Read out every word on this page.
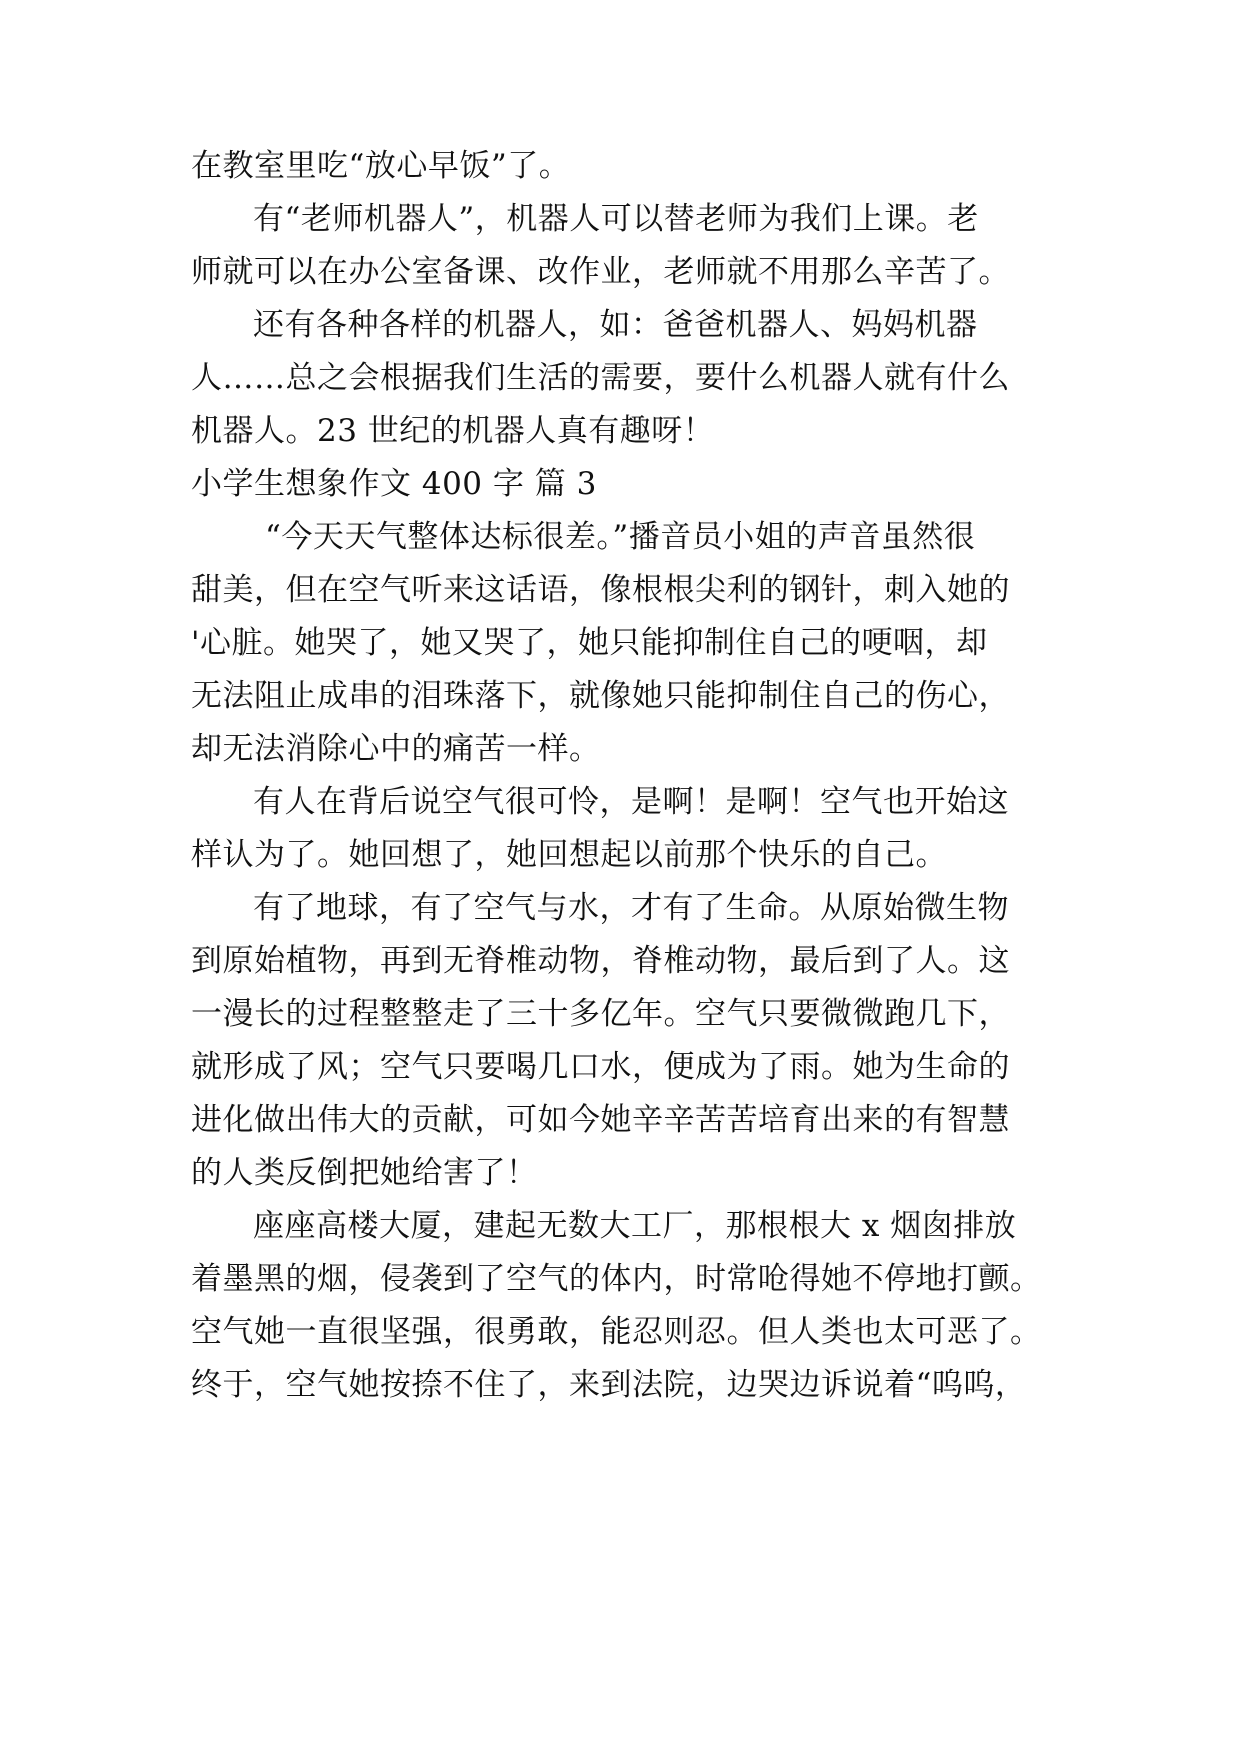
在教室里吃“放心早饭”了。
有“老师机器人”，机器人可以替老师为我们上课。老
师就可以在办公室备课、改作业，老师就不用那么辛苦了。
还有各种各样的机器人，如：爸爸机器人、妈妈机器
人……总之会根据我们生活的需要，要什么机器人就有什么
机器人。23 世纪的机器人真有趣呀！
小学生想象作文 400 字 篇 3
“今天天气整体达标很差。”播音员小姐的声音虽然很
甜美，但在空气听来这话语，像根根尖利的钢针，刺入她的
'心脏。她哭了，她又哭了，她只能抑制住自己的哽咽，却
无法阻止成串的泪珠落下，就像她只能抑制住自己的伤心，
却无法消除心中的痛苦一样。
有人在背后说空气很可怜，是啊！是啊！空气也开始这
样认为了。她回想了，她回想起以前那个快乐的自己。
有了地球，有了空气与水，才有了生命。从原始微生物
到原始植物，再到无脊椎动物，脊椎动物，最后到了人。这
一漫长的过程整整走了三十多亿年。空气只要微微跑几下，
就形成了风；空气只要喝几口水，便成为了雨。她为生命的
进化做出伟大的贡献，可如今她辛辛苦苦培育出来的有智慧
的人类反倒把她给害了！
座座高楼大厦，建起无数大工厂，那根根大 x 烟囱排放
着墨黑的烟，侵袭到了空气的体内，时常呛得她不停地打颤。
空气她一直很坚强，很勇敢，能忍则忍。但人类也太可恶了。
终于，空气她按捺不住了，来到法院，边哭边诉说着“呜呜，
